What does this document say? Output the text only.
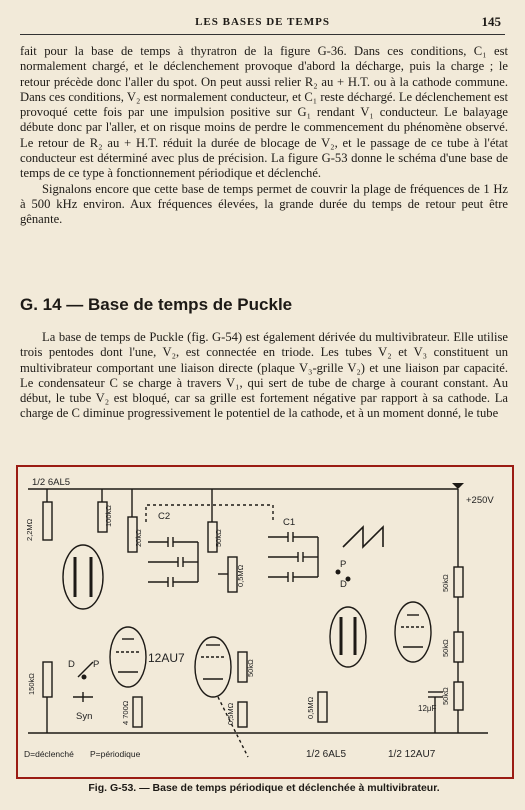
LES BASES DE TEMPS	145

fait pour la base de temps à thyratron de la figure G-36. Dans ces conditions, C₁ est normalement chargé, et le déclenchement provoque d'abord la décharge, puis la charge ; le retour précède donc l'aller du spot. On peut aussi relier R₂ au + H.T. ou à la cathode commune. Dans ces conditions, V₂ est normalement conducteur, et C₁ reste déchargé. Le déclenchement est provoqué cette fois par une impulsion positive sur G₁ rendant V₁ conducteur. Le balayage débute donc par l'aller, et on risque moins de perdre le commencement du phénomène observé. Le retour de R₂ au + H.T. réduit la durée de blocage de V₂, et le passage de ce tube à l'état conducteur est déterminé avec plus de précision. La figure G-53 donne le schéma d'une base de temps de ce type à fonctionnement périodique et déclenché.

Signalons encore que cette base de temps permet de couvrir la plage de fréquences de 1 Hz à 500 kHz environ. Aux fréquences élevées, la grande durée du temps de retour peut être gênante.

G. 14 — Base de temps de Puckle

La base de temps de Puckle (fig. G-54) est également dérivée du multivibrateur. Elle utilise trois pentodes dont l'une, V₂, est connectée en triode. Les tubes V₂ et V₃ constituent un multivibrateur comportant une liaison directe (plaque V₃-grille V₂) et une liaison par capacité. Le condensateur C se charge à travers V₁, qui sert de tube de charge à courant constant. Au début, le tube V₂ est bloqué, car sa grille est fortement négative par rapport à sa cathode. La charge de C diminue progressivement le potentiel de la cathode, et à un moment donné, le tube

1/2 6AL5
2,2MΩ
100kΩ
20kΩ
C2
50kΩ
0,5MΩ
C1
+250V
12AU7
150kΩ
D P
Syn	4 700Ω
50kΩ
0,5MΩ
P
D	50kΩ
50kΩ
50kΩ
0,5MΩ	12μF
D=déclenché P=périodique	1/2 6AL5	1/2 12AU7
Fig. G-53. — Base de temps périodique et déclenchée à multivibrateur.
